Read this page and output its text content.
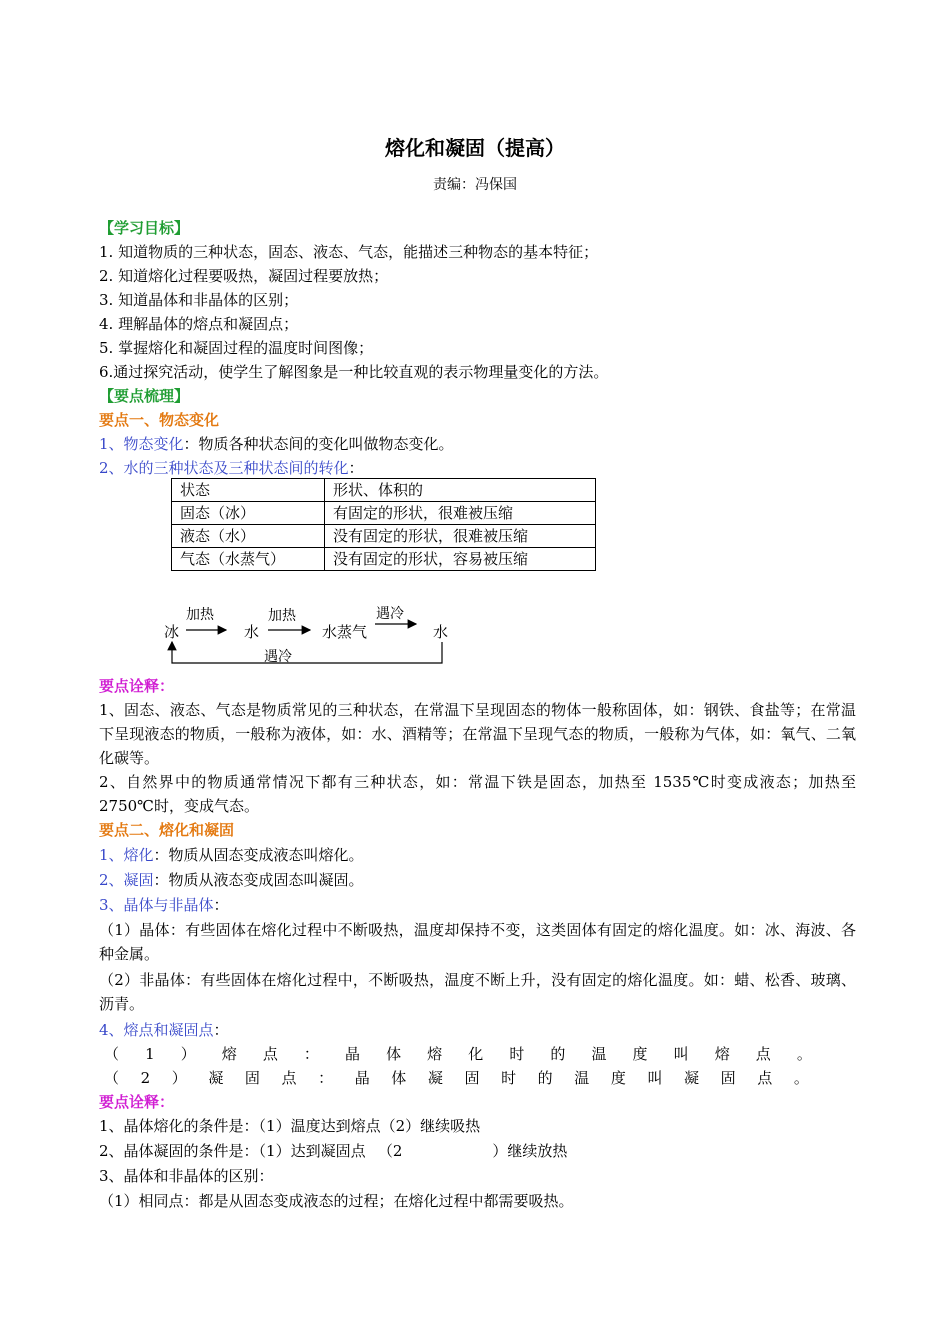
熔化和凝固（提高）
责编：冯保国
【学习目标】
1. 知道物质的三种状态，固态、液态、气态，能描述三种物态的基本特征；
2. 知道熔化过程要吸热，凝固过程要放热；
3. 知道晶体和非晶体的区别；
4. 理解晶体的熔点和凝固点；
5. 掌握熔化和凝固过程的温度时间图像；
6.通过探究活动，使学生了解图象是一种比较直观的表示物理量变化的方法。
【要点梳理】
要点一、物态变化
1、物态变化：物质各种状态间的变化叫做物态变化。
2、水的三种状态及三种状态间的转化：
状态	形状、体积的
固态（冰）	有固定的形状，很难被压缩
液态（水）	没有固定的形状，很难被压缩
气态（水蒸气）	没有固定的形状，容易被压缩
冰	水	水蒸气	水
加热	加热	遇冷
遇冷
要点诠释：
1、固态、液态、气态是物质常见的三种状态，在常温下呈现固态的物体一般称固体，如：钢铁、食盐等；在常温下呈现液态的物质，一般称为液体，如：水、酒精等；在常温下呈现气态的物质，一般称为气体，如：氧气、二氧化碳等。
2、自然界中的物质通常情况下都有三种状态，如：常温下铁是固态，加热至 1535℃时变成液态；加热至 2750℃时，变成气态。
要点二、熔化和凝固
1、熔化：物质从固态变成液态叫熔化。
2、凝固：物质从液态变成固态叫凝固。
3、晶体与非晶体：
（1）晶体：有些固体在熔化过程中不断吸热，温度却保持不变，这类固体有固定的熔化温度。如：冰、海波、各种金属。
（2）非晶体：有些固体在熔化过程中，不断吸热，温度不断上升，没有固定的熔化温度。如：蜡、松香、玻璃、沥青。
4、熔点和凝固点：
（ 1 ） 熔 点 ： 晶 体 熔 化 时 的 温 度 叫 熔 点 。
（ 2 ） 凝 固 点 ： 晶 体 凝 固 时 的 温 度 叫 凝 固 点 。
要点诠释：
1、晶体熔化的条件是：（1）温度达到熔点（2）继续吸热
2、晶体凝固的条件是：（1）达到凝固点 　（2	）继续放热
3、晶体和非晶体的区别：
（1）相同点：都是从固态变成液态的过程；在熔化过程中都需要吸热。
